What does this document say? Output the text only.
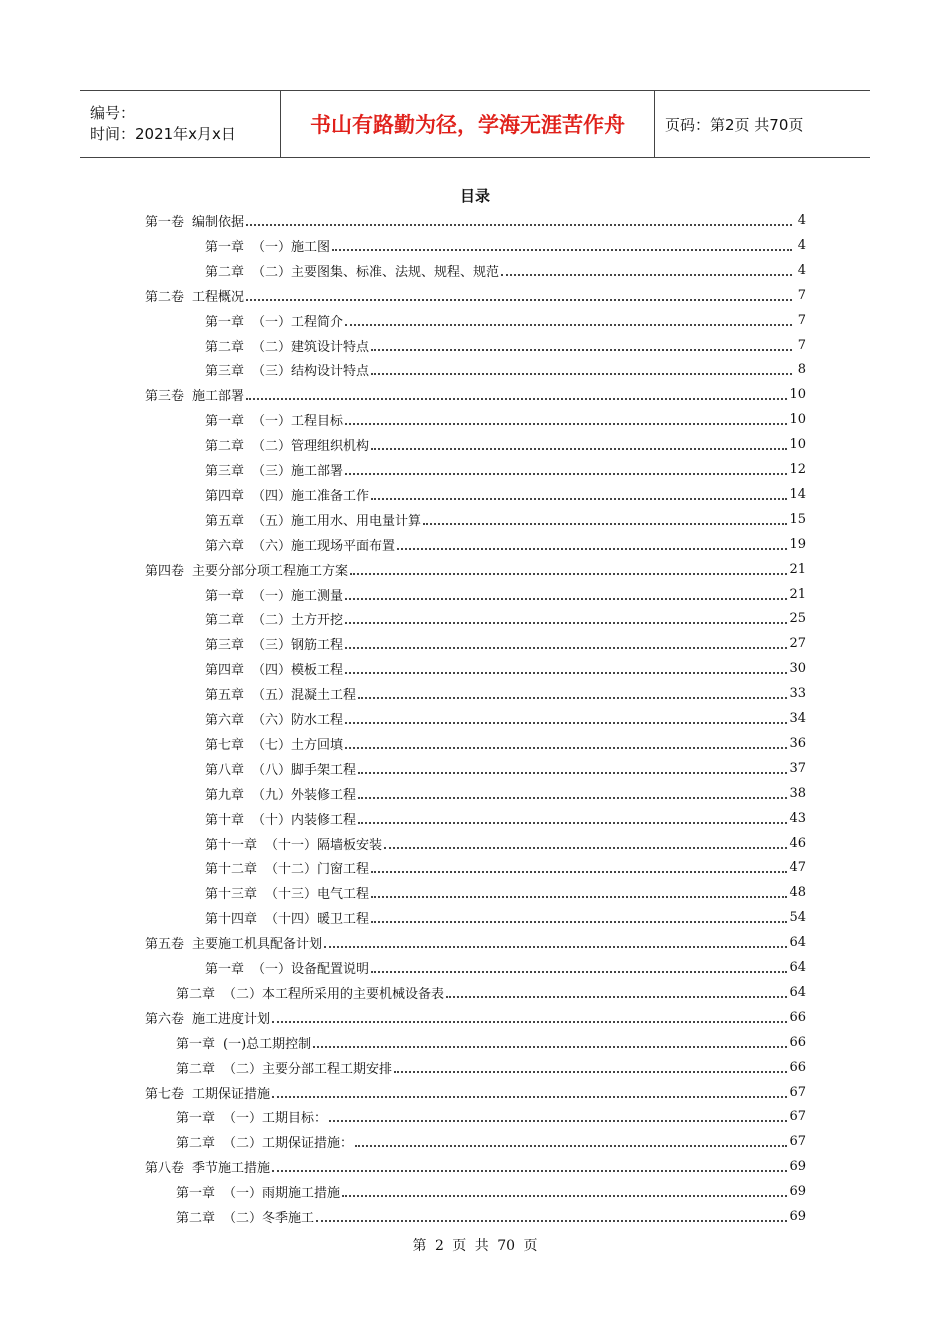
编号：
时间：2021年x月x日	书山有路勤为径，学海无涯苦作舟	页码：第2页 共70页
目录
第一卷 编制依据	4
第一章 （一）施工图	4
第二章 （二）主要图集、标准、法规、规程、规范	4
第二卷 工程概况	7
第一章 （一）工程简介	7
第二章 （二）建筑设计特点	7
第三章 （三）结构设计特点	8
第三卷 施工部署	10
第一章 （一）工程目标	10
第二章 （二）管理组织机构	10
第三章 （三）施工部署	12
第四章 （四）施工准备工作	14
第五章 （五）施工用水、用电量计算	15
第六章 （六）施工现场平面布置	19
第四卷 主要分部分项工程施工方案	21
第一章 （一）施工测量	21
第二章 （二）土方开挖	25
第三章 （三）钢筋工程	27
第四章 （四）模板工程	30
第五章 （五）混凝土工程	33
第六章 （六）防水工程	34
第七章 （七）土方回填	36
第八章 （八）脚手架工程	37
第九章 （九）外装修工程	38
第十章 （十）内装修工程	43
第十一章 （十一）隔墙板安装	46
第十二章 （十二）门窗工程	47
第十三章 （十三）电气工程	48
第十四章 （十四）暖卫工程	54
第五卷 主要施工机具配备计划	64
第一章 （一）设备配置说明	64
第二章 （二）本工程所采用的主要机械设备表	64
第六卷 施工进度计划	66
第一章 (一)总工期控制	66
第二章 （二）主要分部工程工期安排	66
第七卷 工期保证措施	67
第一章 （一）工期目标：	67
第二章 （二）工期保证措施：	67
第八卷 季节施工措施	69
第一章 （一）雨期施工措施	69
第二章 （二）冬季施工	69
第 2 页 共 70 页
